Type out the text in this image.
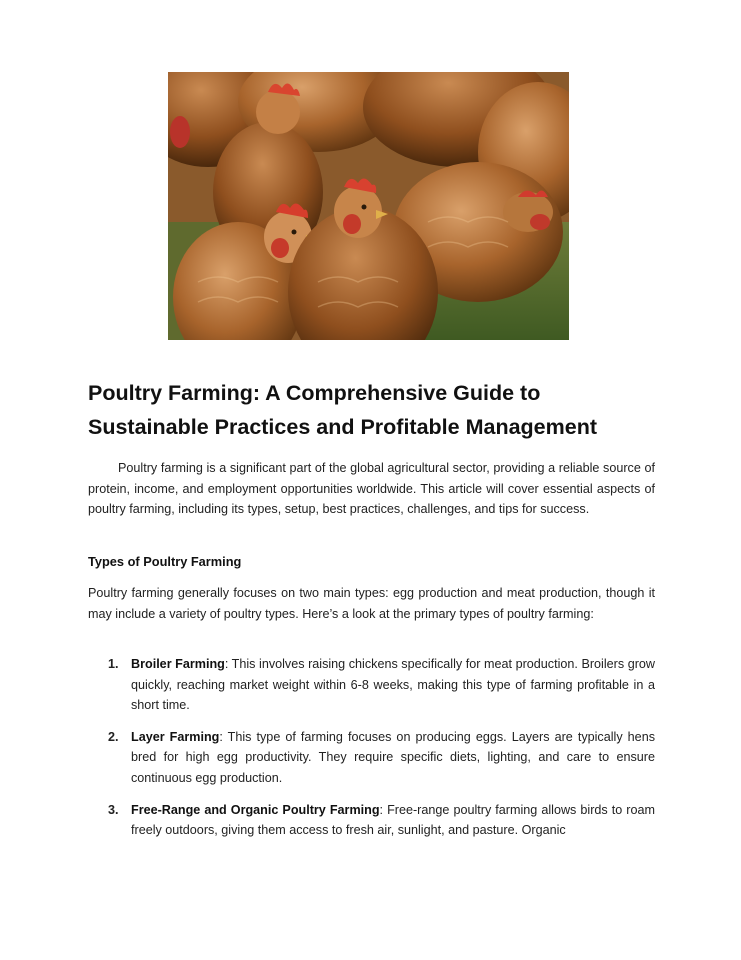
Poultry Farming: A Comprehensive Guide to Sustainable Practices and Profitable Management

Poultry farming is a significant part of the global agricultural sector, providing a reliable source of protein, income, and employment opportunities worldwide. This article will cover essential aspects of poultry farming, including its types, setup, best practices, challenges, and tips for success.

Types of Poultry Farming

Poultry farming generally focuses on two main types: egg production and meat production, though it may include a variety of poultry types. Here’s a look at the primary types of poultry farming:

1. Broiler Farming: This involves raising chickens specifically for meat production. Broilers grow quickly, reaching market weight within 6-8 weeks, making this type of farming profitable in a short time.
2. Layer Farming: This type of farming focuses on producing eggs. Layers are typically hens bred for high egg productivity. They require specific diets, lighting, and care to ensure continuous egg production.
3. Free-Range and Organic Poultry Farming: Free-range poultry farming allows birds to roam freely outdoors, giving them access to fresh air, sunlight, and pasture. Organic
